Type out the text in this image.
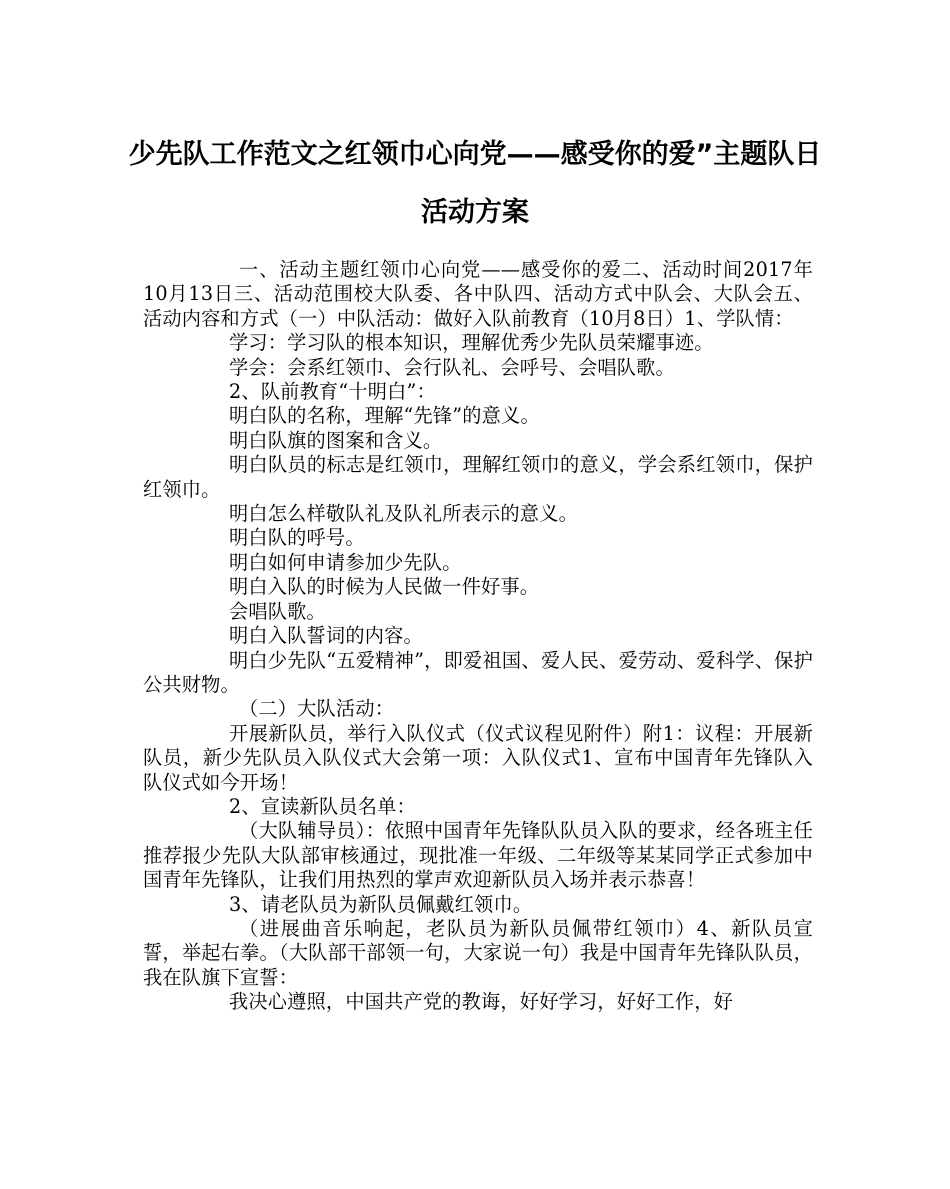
少先队工作范文之红领巾心向党——感受你的爱”主题队日活动方案

一、活动主题红领巾心向党——感受你的爱二、活动时间2017年10月13日三、活动范围校大队委、各中队四、活动方式中队会、大队会五、活动内容和方式（一）中队活动：做好入队前教育（10月8日）1、学队情：

学习：学习队的根本知识，理解优秀少先队员荣耀事迹。

学会：会系红领巾、会行队礼、会呼号、会唱队歌。

2、队前教育“十明白”：

明白队的名称，理解“先锋”的意义。

明白队旗的图案和含义。

明白队员的标志是红领巾，理解红领巾的意义，学会系红领巾，保护红领巾。

明白怎么样敬队礼及队礼所表示的意义。

明白队的呼号。

明白如何申请参加少先队。

明白入队的时候为人民做一件好事。

会唱队歌。

明白入队誓词的内容。

明白少先队“五爱精神”，即爱祖国、爱人民、爱劳动、爱科学、保护公共财物。

（二）大队活动：

开展新队员，举行入队仪式（仪式议程见附件）附1：议程：开展新队员，新少先队员入队仪式大会第一项：入队仪式1、宣布中国青年先锋队入队仪式如今开场！

2、宣读新队员名单：

（大队辅导员）：依照中国青年先锋队队员入队的要求，经各班主任推荐报少先队大队部审核通过，现批准一年级、二年级等某某同学正式参加中国青年先锋队，让我们用热烈的掌声欢迎新队员入场并表示恭喜！

3、请老队员为新队员佩戴红领巾。

（进展曲音乐响起，老队员为新队员佩带红领巾）4、新队员宣誓，举起右拳。（大队部干部领一句，大家说一句）我是中国青年先锋队队员，我在队旗下宣誓：

我决心遵照，中国共产党的教诲，好好学习，好好工作，好
